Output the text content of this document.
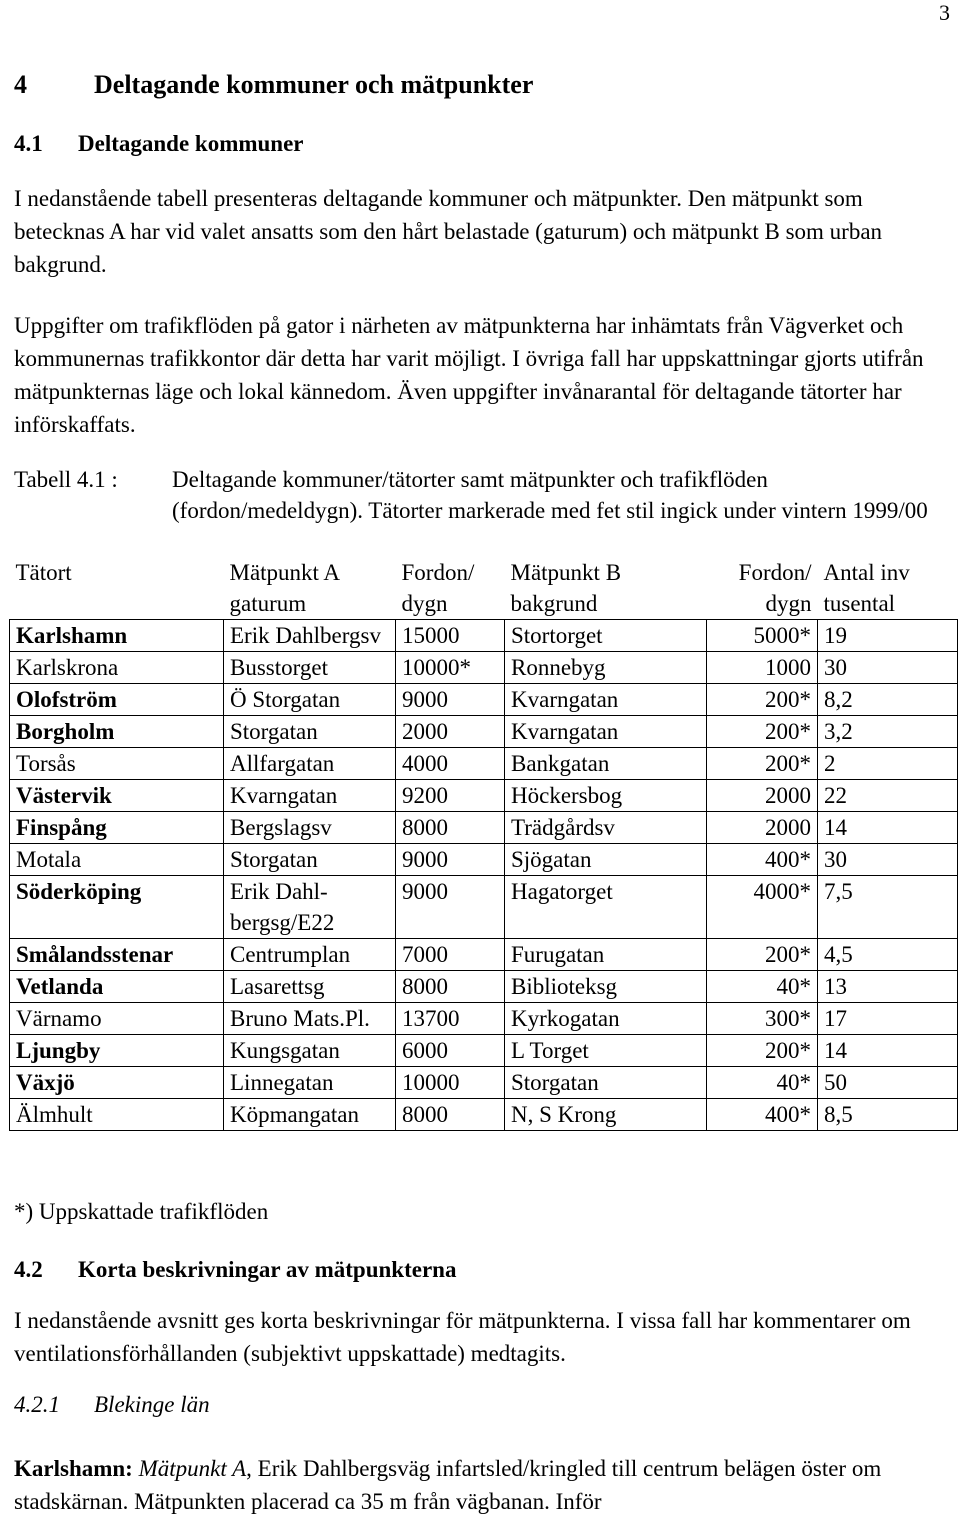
3
4	Deltagande kommuner och mätpunkter
4.1 Deltagande kommuner
I nedanstående tabell presenteras deltagande kommuner och mätpunkter. Den mätpunkt som betecknas A har vid valet ansatts som den hårt belastade (gaturum) och mätpunkt B som urban bakgrund.
Uppgifter om trafikflöden på gator i närheten av mätpunkterna har inhämtats från Vägverket och kommunernas trafikkontor där detta har varit möjligt. I övriga fall har uppskattningar gjorts utifrån mätpunkternas läge och lokal kännedom. Även uppgifter invånarantal för deltagande tätorter har införskaffats.
Tabell 4.1 : Deltagande kommuner/tätorter samt mätpunkter och trafikflöden (fordon/medeldygn). Tätorter markerade med fet stil ingick under vintern 1999/00
Tätort	Mätpunkt A gaturum	Fordon/ dygn	Mätpunkt B bakgrund	Fordon/ dygn	Antal inv tusental
Karlshamn	Erik Dahlbergsv	15000	Stortorget	5000*	19
Karlskrona	Busstorget	10000*	Ronnebyg	1000	30
Olofström	Ö Storgatan	9000	Kvarngatan	200*	8,2
Borgholm	Storgatan	2000	Kvarngatan	200*	3,2
Torsås	Allfargatan	4000	Bankgatan	200*	2
Västervik	Kvarngatan	9200	Höckersbog	2000	22
Finspång	Bergslagsv	8000	Trädgårdsv	2000	14
Motala	Storgatan	9000	Sjögatan	400*	30
Söderköping	Erik Dahl- bergsg/E22	9000	Hagatorget	4000*	7,5
Smålandsstenar	Centrumplan	7000	Furugatan	200*	4,5
Vetlanda	Lasarettsg	8000	Biblioteksg	40*	13
Värnamo	Bruno Mats.Pl.	13700	Kyrkogatan	300*	17
Ljungby	Kungsgatan	6000	L Torget	200*	14
Växjö	Linnegatan	10000	Storgatan	40*	50
Älmhult	Köpmangatan	8000	N, S Krong	400*	8,5
*) Uppskattade trafikflöden
4.2 Korta beskrivningar av mätpunkterna
I nedanstående avsnitt ges korta beskrivningar för mätpunkterna. I vissa fall har kommentarer om ventilationsförhållanden (subjektivt uppskattade) medtagits.
4.2.1 Blekinge län
Karlshamn: Mätpunkt A, Erik Dahlbergsväg infartsled/kringled till centrum belägen öster om stadskärnan. Mätpunkten placerad ca 35 m från vägbanan. Inför
